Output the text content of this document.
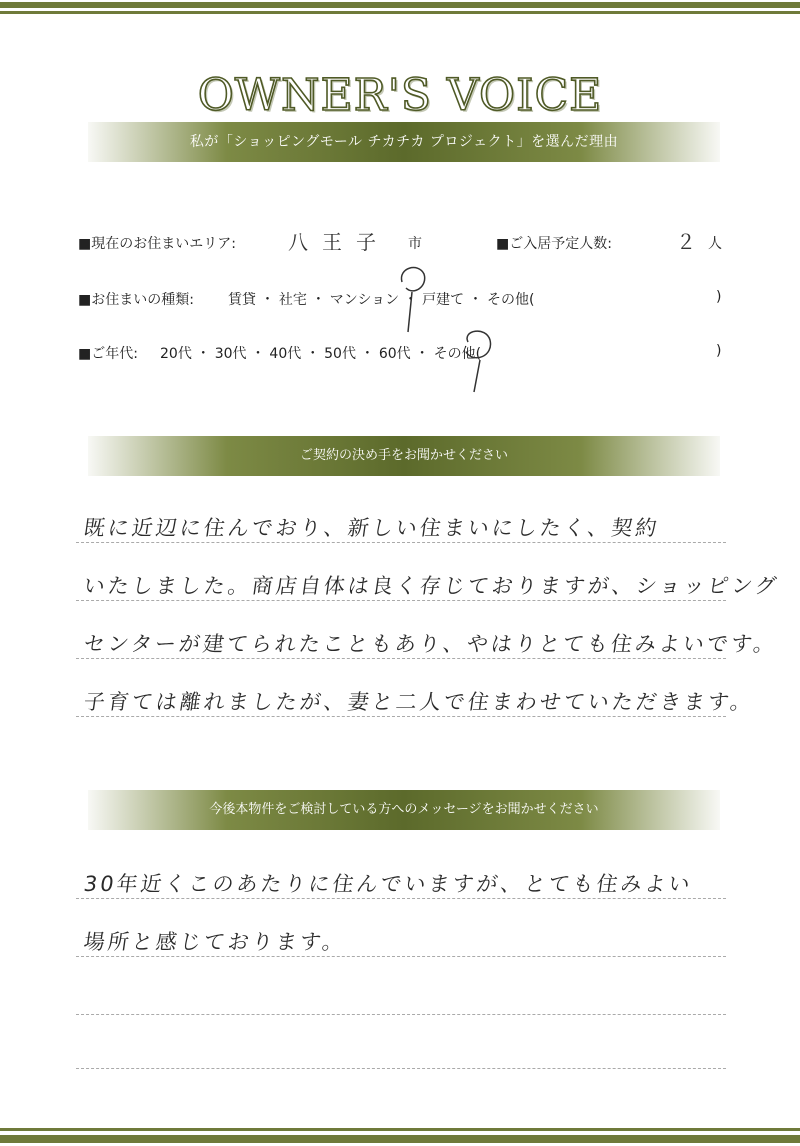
OWNER'S VOICE
私が「ショッピングモール チカチカ プロジェクト」を選んだ理由
■現在のお住まいエリア:	八王子 市	■ご入居予定人数:	２ 人
■お住まいの種類: 賃貸 ・ 社宅 ・ マンション ・ 戸建て ・ その他(	)
■ご年代: 20代 ・ 30代 ・ 40代 ・ 50代 ・ 60代 ・ その他(	)
ご契約の決め手をお聞かせください
既に近辺に住んでおり、新しい住まいにしたく、契約
いたしました。商店自体は良く存じておりますが、ショッピング
センターが建てられたこともあり、やはりとても住みよいです。
子育ては離れましたが、妻と二人で住まわせていただきます。
今後本物件をご検討している方へのメッセージをお聞かせください
30年近くこのあたりに住んでいますが、とても住みよい
場所と感じております。
